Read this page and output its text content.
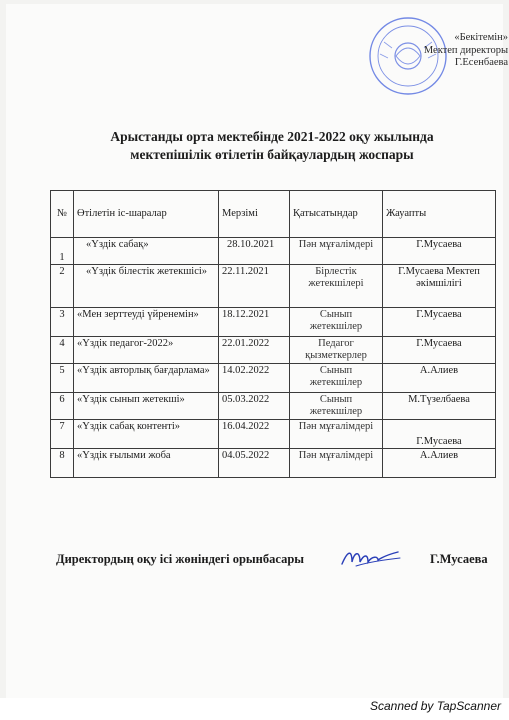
«Бекітемін»
Мектеп директоры
Г.Есенбаева
Арыстанды орта мектебінде 2021-2022 оқу жылында
мектепішілік өтілетін байқаулардың жоспары
№	Өтілетін іс-шаралар	Мерзімі	Қатысатындар	Жауапты
1	«Үздік сабақ»	28.10.2021	Пән мұғалімдері	Г.Мусаева
2	«Үздік білестік жетекшісі»	22.11.2021	Бірлестік жетекшілері	Г.Мусаева Мектеп әкімшілігі
3	«Мен зерттеуді үйренемін»	18.12.2021	Сынып жетекшілер	Г.Мусаева
4	«Үздік педагог-2022»	22.01.2022	Педагог қызметкерлер	Г.Мусаева
5	«Үздік авторлық бағдарлама»	14.02.2022	Сынып жетекшілер	А.Алиев
6	«Үздік сынып жетекші»	05.03.2022	Сынып жетекшілер	М.Түзелбаева
7	«Үздік сабақ контенті»	16.04.2022	Пән мұғалімдері	Г.Мусаева
8	«Үздік ғылыми жоба	04.05.2022	Пән мұғалімдері	А.Алиев
Директордың оқу ісі жөніндегі орынбасары	Г.Мусаева
Scanned by TapScanner
